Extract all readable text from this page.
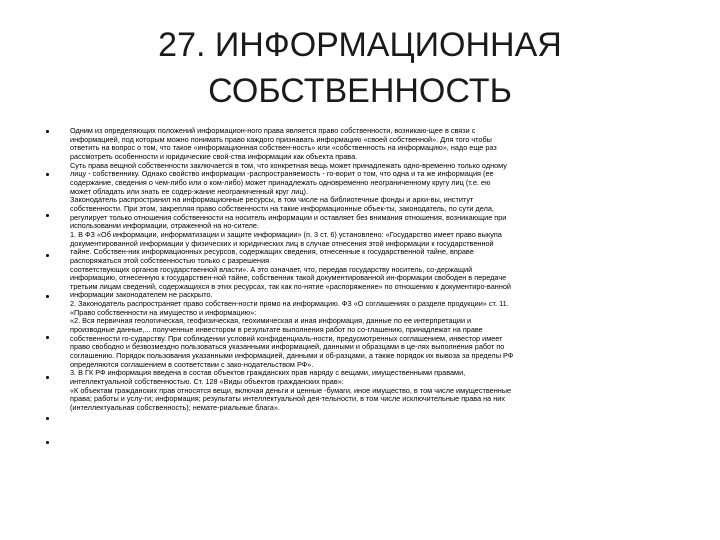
27. ИНФОРМАЦИОННАЯ
СОБСТВЕННОСТЬ
Одним из определяющих положений информацион-ного права является право собственности, возникаю-щее в связи с
информацией, под которым можно понимать право каждого признавать информацию «своей собственной». Для того чтобы
ответить на вопрос о том, что такое «информационная собствен-ность» или «собственность на информацию», надо еще раз
рассмотреть особенности и юридические свой-ства информации как объекта права.
Суть права вещной собственности заключается в том, что конкретная вещь может принадлежать одно-временно только одному
лицу - собственнику. Однако свойство информации -распространяемость - го-ворит о том, что одна и та же информация (ее
содержание, сведения о чем-либо или о ком-либо) может принадлежать одновременно неограниченному кругу лиц (т.е. ею
может обладать или знать ее содер-жание неограниченный круг лиц).
Законодатель распространил на информационные ресурсы, в том числе на библиотечные фонды и архи-вы, институт
собственности. При этом, закрепляя право собственности на такие информационные объек-ты, законодатель, по сути дела,
регулирует только отношения собственности на носитель информации и оставляет без внимания отношения, возникающие при
использовании информации, отраженной на но-сителе.
1. В ФЗ «Об информации, информатизации и защите информации» (п. 3 ст. 6) установлено: «Государство имеет право выкупа
документированной информации у физических и юридических лиц в случае отнесения этой информации к государственной
тайне. Собствен-ник информационных ресурсов, содержащих сведения, отнесенные к государственной тайне, вправе
распоряжаться этой собственностью только с разрешения
соответствующих органов государственной власти». А это означает, что, передав государству носитель, со-держащий
информацию, отнесенную к государствен-ной тайне, собственник такой документированной ин-формации свободен в передаче
третьим лицам сведений, содержащихся в этих ресурсах, так как по-нятие «распоряжение» по отношению к документиро-ванной
информации законодателем не раскрыто.
2. Законодатель распространяет право собствен-ности прямо на информацию. ФЗ «О соглашениях о разделе продукции» ст. 11.
«Право собственности на имущество и информацию»:
«2. Вся первичная геологическая, геофизическая, геохимическая и иная информация, данные по ее интерпретации и
производные данные,... полученные инвестором в результате выполнения работ по со-глашению, принадлежат на праве
собственности го-сударству. При соблюдении условий конфиденциаль-ности, предусмотренных соглашением, инвестор имеет
право свободно и безвозмездно пользоваться указанными информацией, данными и образцами в це-лях выполнения работ по
соглашению. Порядок пользования указанными информацией, данными и об-разцами, а также порядок их вывоза за пределы РФ
определяются соглашением в соответствии с зако-нодательством РФ».
3. В ГК РФ информация введена в состав объектов гражданских прав наряду с вещами, имущественными правами,
интеллектуальной собственностью. Ст. 128 «Виды объектов гражданских прав»:
«К объектам гражданских прав относятся вещи, включая деньги и ценные -бумаги, иное имущество, в том числе имущественные
права; работы и услу-ги; информация; результаты интеллектуальной дея-тельности, в том числе исключительные права на них
(интеллектуальная собственность); немате-риальные блага».
